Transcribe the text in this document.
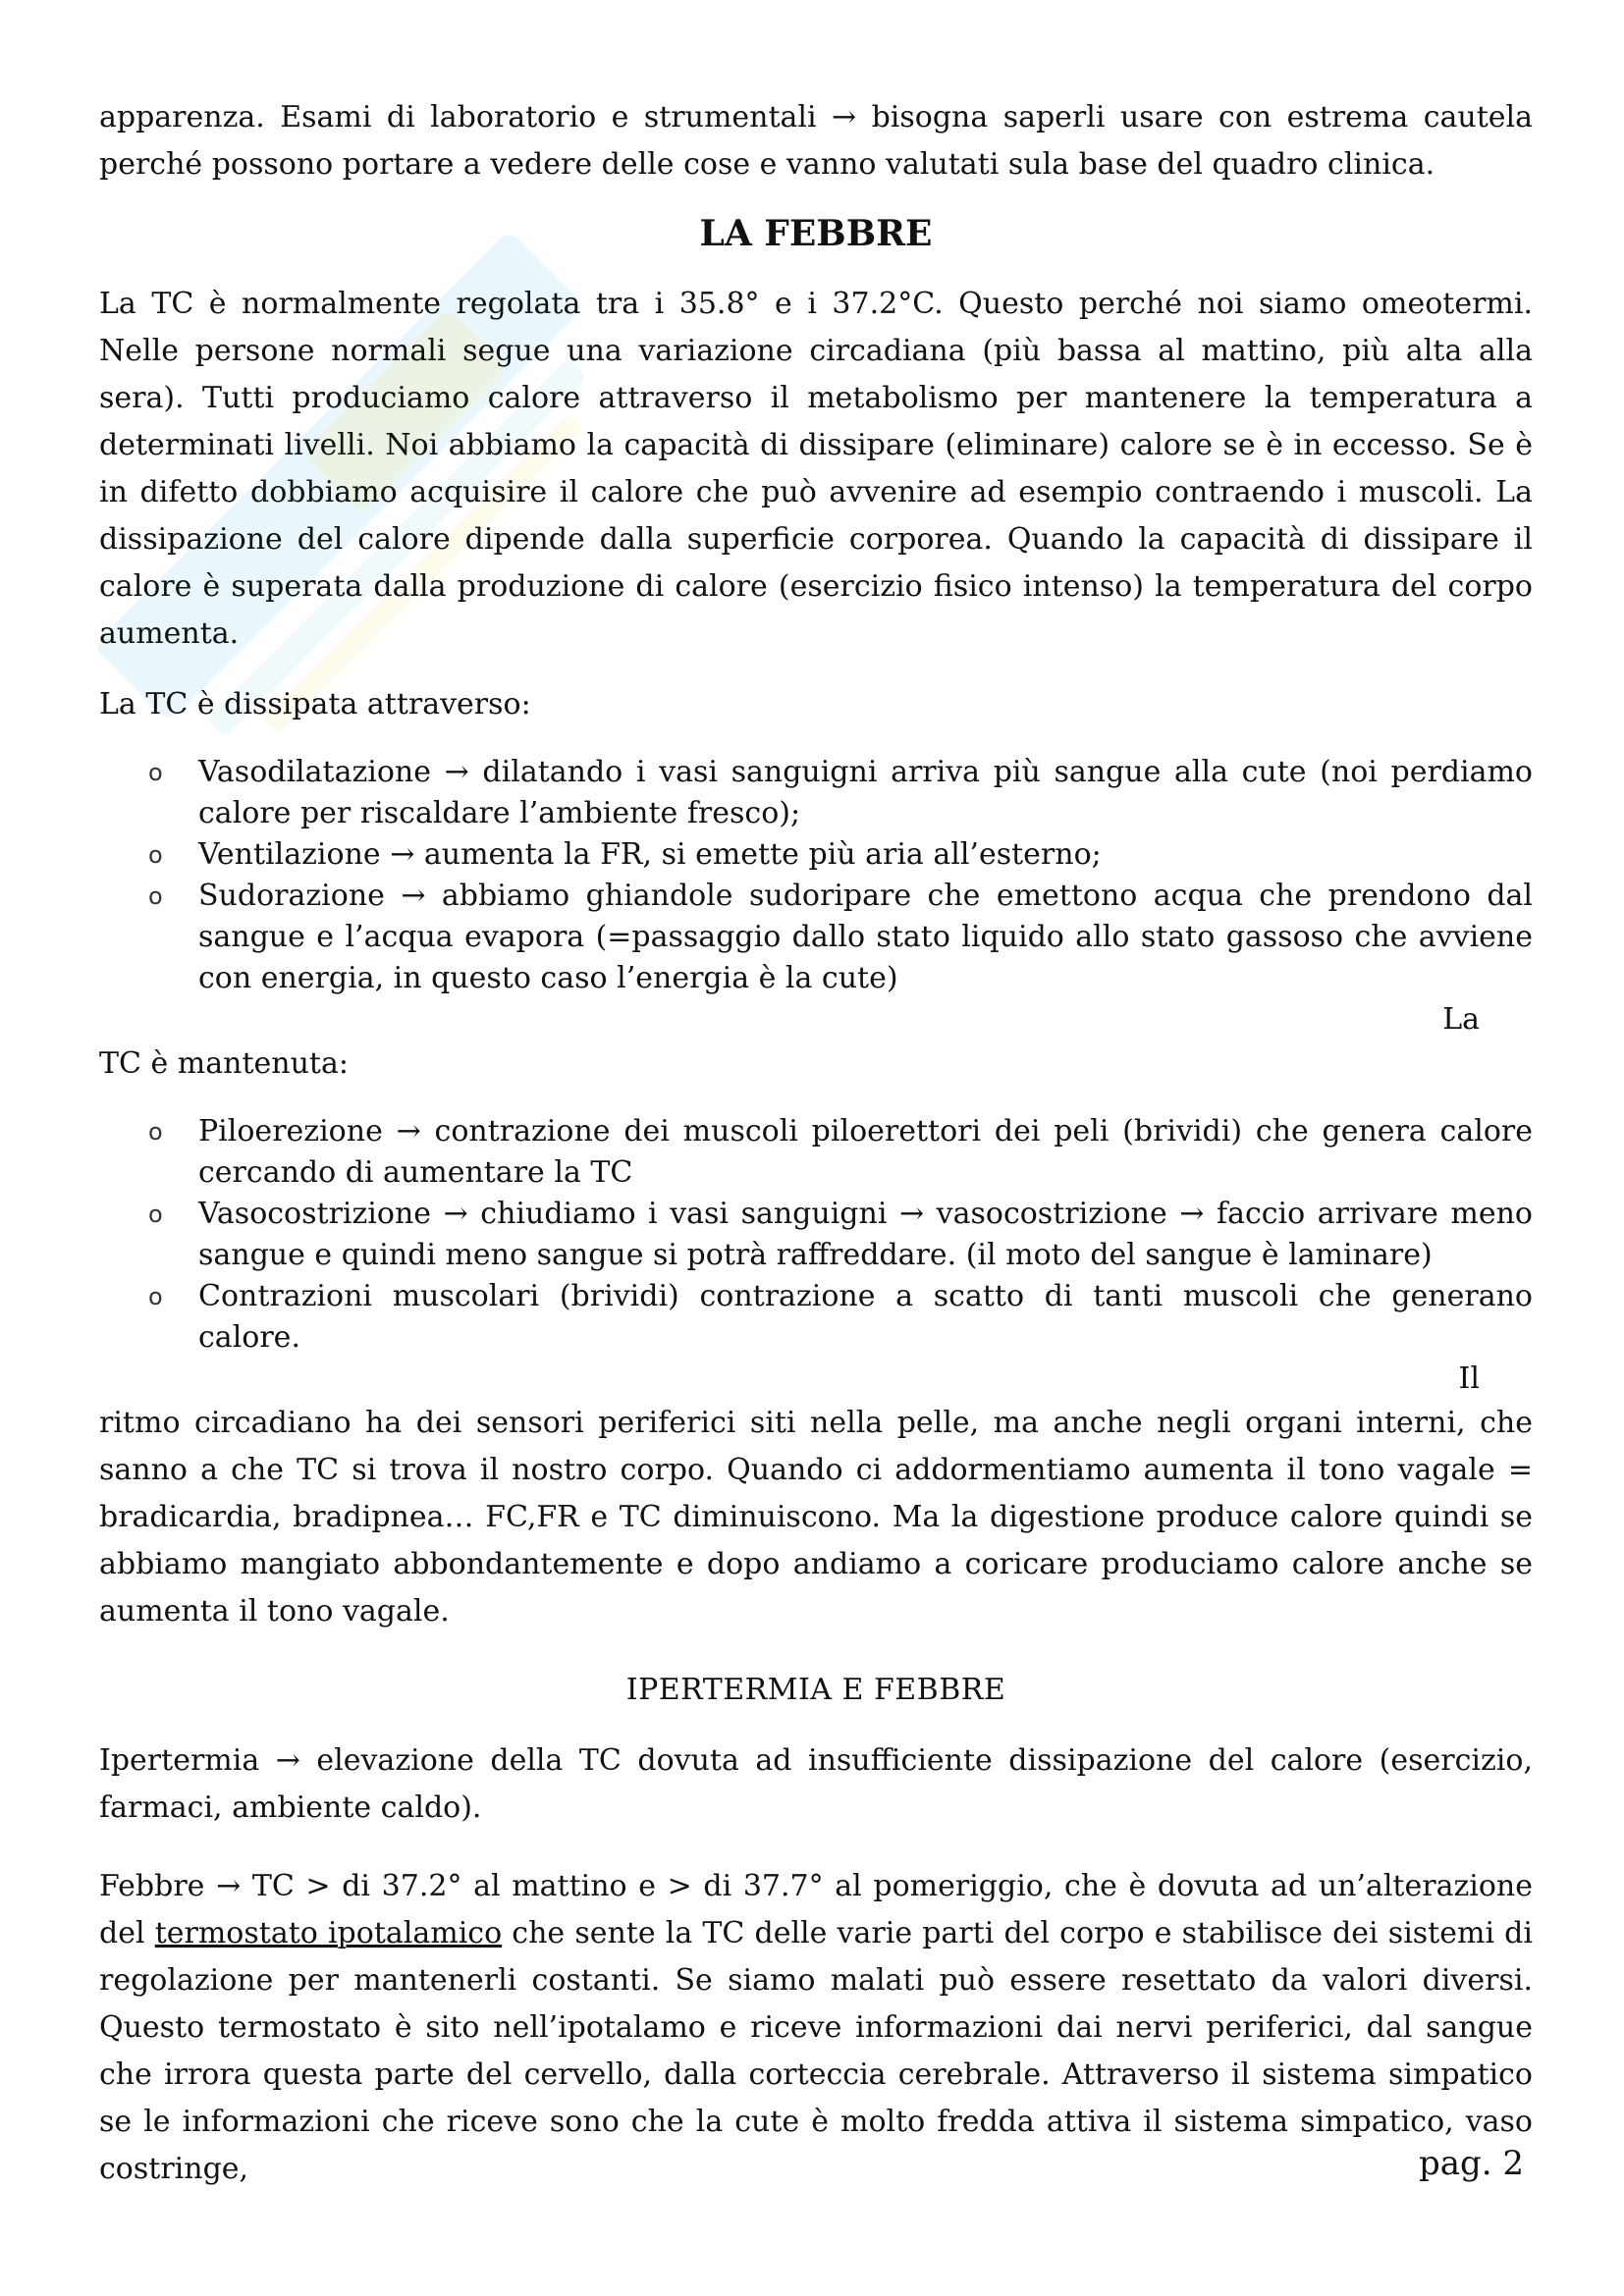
apparenza. Esami di laboratorio e strumentali → bisogna saperli usare con estrema cautela perché possono portare a vedere delle cose e vanno valutati sula base del quadro clinica.

LA FEBBRE

La TC è normalmente regolata tra i 35.8° e i 37.2°C. Questo perché noi siamo omeotermi. Nelle persone normali segue una variazione circadiana (più bassa al mattino, più alta alla sera). Tutti produciamo calore attraverso il metabolismo per mantenere la temperatura a determinati livelli. Noi abbiamo la capacità di dissipare (eliminare) calore se è in eccesso. Se è in difetto dobbiamo acquisire il calore che può avvenire ad esempio contraendo i muscoli. La dissipazione del calore dipende dalla superficie corporea. Quando la capacità di dissipare il calore è superata dalla produzione di calore (esercizio fisico intenso) la temperatura del corpo aumenta.

La TC è dissipata attraverso:

o Vasodilatazione → dilatando i vasi sanguigni arriva più sangue alla cute (noi perdiamo calore per riscaldare l’ambiente fresco);
o Ventilazione → aumenta la FR, si emette più aria all’esterno;
o Sudorazione → abbiamo ghiandole sudoripare che emettono acqua che prendono dal sangue e l’acqua evapora (=passaggio dallo stato liquido allo stato gassoso che avviene con energia, in questo caso l’energia è la cute)
La

TC è mantenuta:

o Piloerezione → contrazione dei muscoli piloerettori dei peli (brividi) che genera calore cercando di aumentare la TC
o Vasocostrizione → chiudiamo i vasi sanguigni → vasocostrizione → faccio arrivare meno sangue e quindi meno sangue si potrà raffreddare. (il moto del sangue è laminare)
o Contrazioni muscolari (brividi) contrazione a scatto di tanti muscoli che generano calore.
Il

ritmo circadiano ha dei sensori periferici siti nella pelle, ma anche negli organi interni, che sanno a che TC si trova il nostro corpo. Quando ci addormentiamo aumenta il tono vagale = bradicardia, bradipnea… FC,FR e TC diminuiscono. Ma la digestione produce calore quindi se abbiamo mangiato abbondantemente e dopo andiamo a coricare produciamo calore anche se aumenta il tono vagale.

IPERTERMIA E FEBBRE

Ipertermia → elevazione della TC dovuta ad insufficiente dissipazione del calore (esercizio, farmaci, ambiente caldo).

Febbre → TC > di 37.2° al mattino e > di 37.7° al pomeriggio, che è dovuta ad un’alterazione del termostato ipotalamico che sente la TC delle varie parti del corpo e stabilisce dei sistemi di regolazione per mantenerli costanti. Se siamo malati può essere resettato da valori diversi. Questo termostato è sito nell’ipotalamo e riceve informazioni dai nervi periferici, dal sangue che irrora questa parte del cervello, dalla corteccia cerebrale. Attraverso il sistema simpatico se le informazioni che riceve sono che la cute è molto fredda attiva il sistema simpatico, vaso costringe,	pag. 2
